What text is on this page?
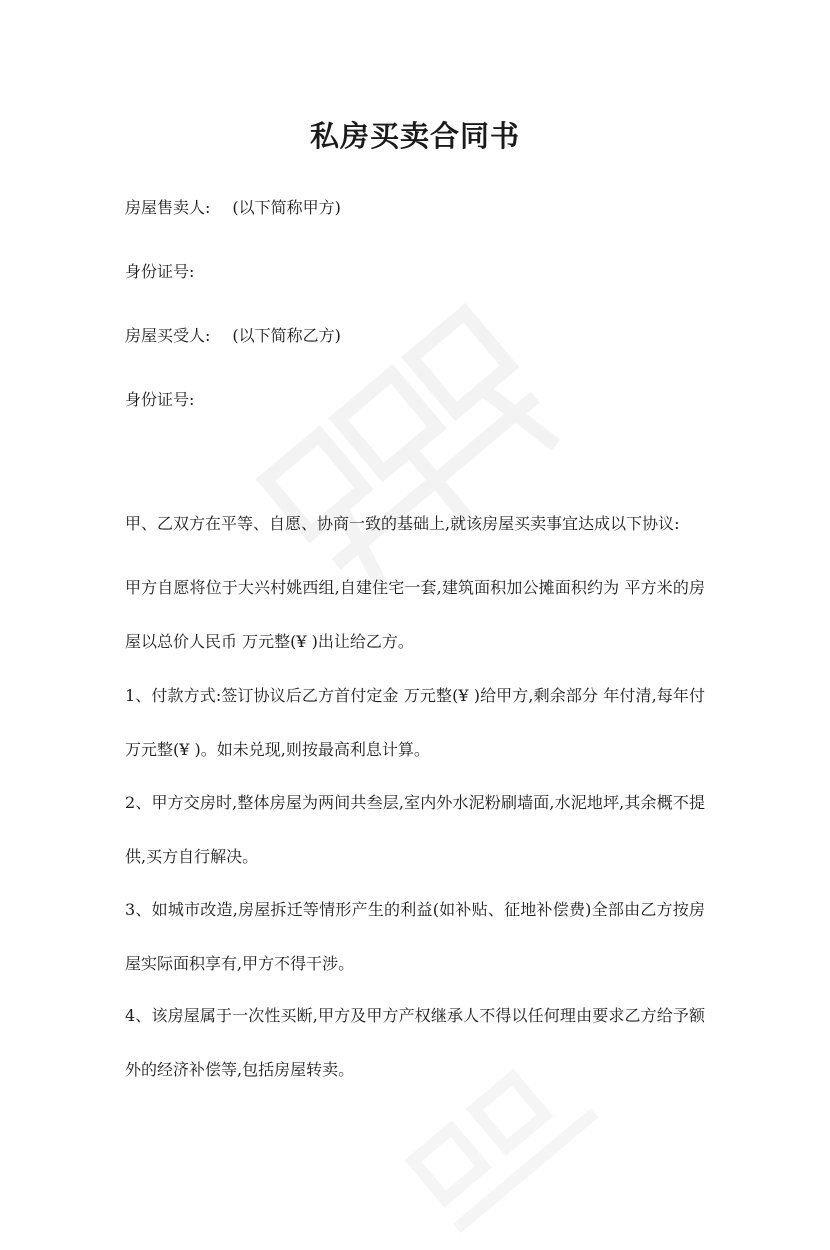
私房买卖合同书
房屋售卖人: (以下简称甲方)
身份证号:
房屋买受人: (以下简称乙方)
身份证号:
甲、乙双方在平等、自愿、协商一致的基础上,就该房屋买卖事宜达成以下协议:
甲方自愿将位于大兴村姚西组,自建住宅一套,建筑面积加公摊面积约为 平方米的房屋以总价人民币 万元整(¥ )出让给乙方。
1、付款方式:签订协议后乙方首付定金 万元整(¥ )给甲方,剩余部分 年付清,每年付 万元整(¥ )。如未兑现,则按最高利息计算。
2、甲方交房时,整体房屋为两间共叁层,室内外水泥粉刷墙面,水泥地坪,其余概不提供,买方自行解决。
3、如城市改造,房屋拆迁等情形产生的利益(如补贴、征地补偿费)全部由乙方按房屋实际面积享有,甲方不得干涉。
4、该房屋属于一次性买断,甲方及甲方产权继承人不得以任何理由要求乙方给予额外的经济补偿等,包括房屋转卖。
